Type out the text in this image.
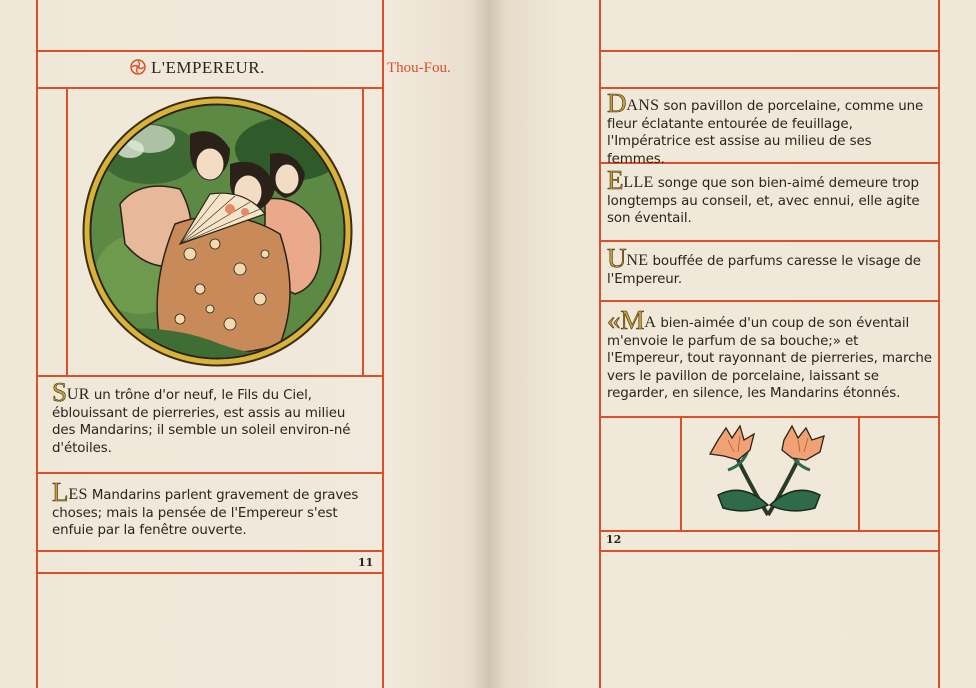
L'EMPEREUR.	Thou-Fou.
SUR un trône d'or neuf, le Fils du Ciel, éblouissant de pierreries, est assis au milieu des Mandarins; il semble un soleil environ-né d'étoiles.
LES Mandarins parlent gravement de graves choses; mais la pensée de l'Empereur s'est enfuie par la fenêtre ouverte.
11
DANS son pavillon de porcelaine, comme une fleur éclatante entourée de feuillage, l'Impératrice est assise au milieu de ses femmes.
ELLE songe que son bien-aimé demeure trop longtemps au conseil, et, avec ennui, elle agite son éventail.
UNE bouffée de parfums caresse le visage de l'Empereur.
«MA bien-aimée d'un coup de son éventail m'envoie le parfum de sa bouche;» et l'Empereur, tout rayonnant de pierreries, marche vers le pavillon de porcelaine, laissant se regarder, en silence, les Mandarins étonnés.
12
